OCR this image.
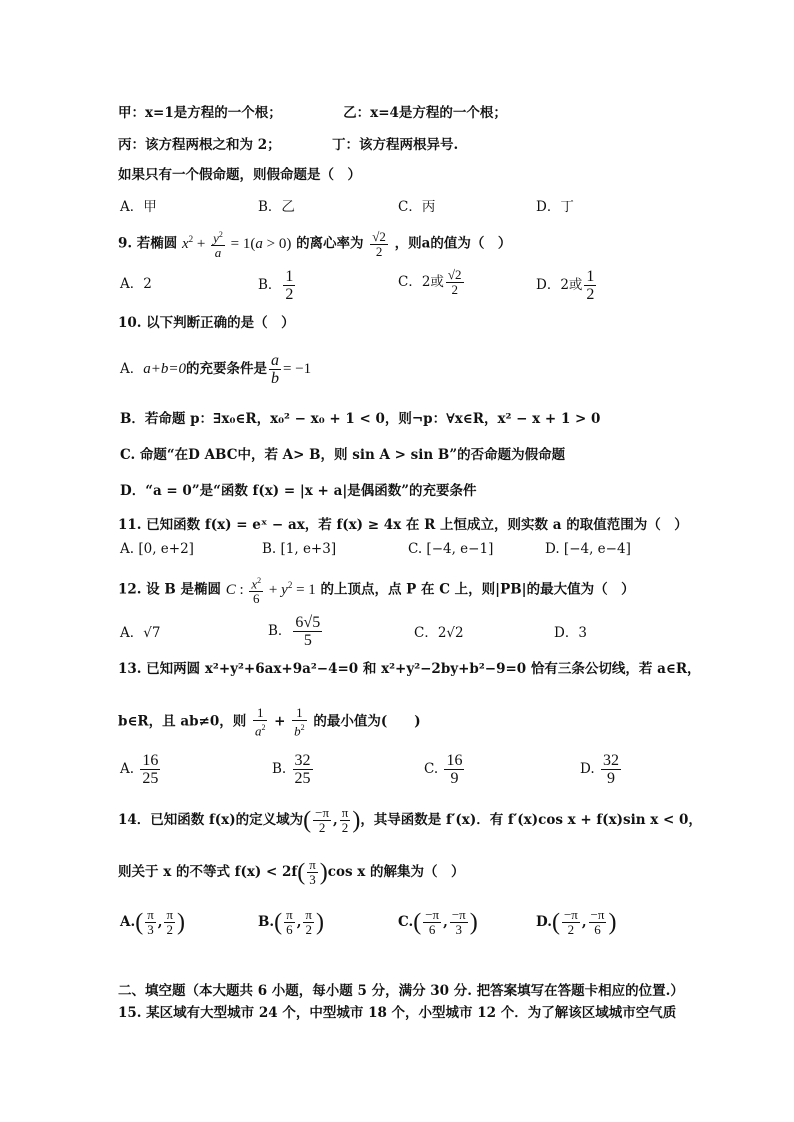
甲：x=1是方程的一个根；	乙：x=4是方程的一个根；
丙：该方程两根之和为 2；	丁：该方程两根异号.
如果只有一个假命题，则假命题是（　）
A．甲	B．乙	C．丙	D．丁
9. 若椭圆 $x^2 + \frac{y^2}{a} = 1(a > 0)$ 的离心率为 $\frac{√2}{2}$ ，则a的值为（　）
A．2	B． $\frac{1}{2}$	C．2或 $\frac{√2}{2}$	D．2或 $\frac{1}{2}$
10. 以下判断正确的是（　）
A．a+b=0的充要条件是 $\frac{a}{b} = -1$
B．若命题 p：∃x₀∈R，x₀² − x₀ + 1 < 0，则¬p：∀x∈R，x² − x + 1 > 0
C. 命题“在D ABC中，若 A> B，则 sin A > sin B”的否命题为假命题
D．“a = 0”是“函数 f(x) = |x + a|是偶函数”的充要条件
11. 已知函数 f(x) = eˣ − ax，若 f(x) ≥ 4x 在 R 上恒成立，则实数 a 的取值范围为（　）
A. [0, e+2]	B. [1, e+3]	C. [−4, e−1]	D. [−4, e−4]
12. 设 B 是椭圆 C : $\frac{x^2}{6} + y^2 = 1$ 的上顶点，点 P 在 C 上，则|PB|的最大值为（　）
A．√7	B． $\frac{6√5}{5}$	C．2√2	D．3
13. 已知两圆 x²+y²+6ax+9a²−4=0 和 x²+y²−2by+b²−9=0 恰有三条公切线，若 a∈R，
b∈R，且 ab≠0，则 $\frac{1}{a^2} + \frac{1}{b^2}$ 的最小值为(　　)
A. $\frac{16}{25}$	B. $\frac{32}{25}$	C. $\frac{16}{9}$	D. $\frac{32}{9}$
14．已知函数 f(x)的定义域为( $\frac{-\pi}{2}$ , $\frac{\pi}{2}$ )，其导函数是 f′(x)．有 f′(x)cos x + f(x)sin x < 0，
则关于 x 的不等式 $f(x) < 2f( \frac{\pi}{3} )\cos$ x 的解集为（　）
$A.( \frac{\pi}{3}$ , $\frac{\pi}{2}$ )	$B.( \frac{\pi}{6}$ , $\frac{\pi}{2}$ )	$C.( \frac{-\pi}{6}$ , $\frac{-\pi}{3}$ )	$D.( \frac{-\pi}{2}$ , $\frac{-\pi}{6}$ )
二、填空题（本大题共 6 小题，每小题 5 分，满分 30 分. 把答案填写在答题卡相应的位置.）
15. 某区域有大型城市 24 个，中型城市 18 个，小型城市 12 个．为了解该区域城市空气质
